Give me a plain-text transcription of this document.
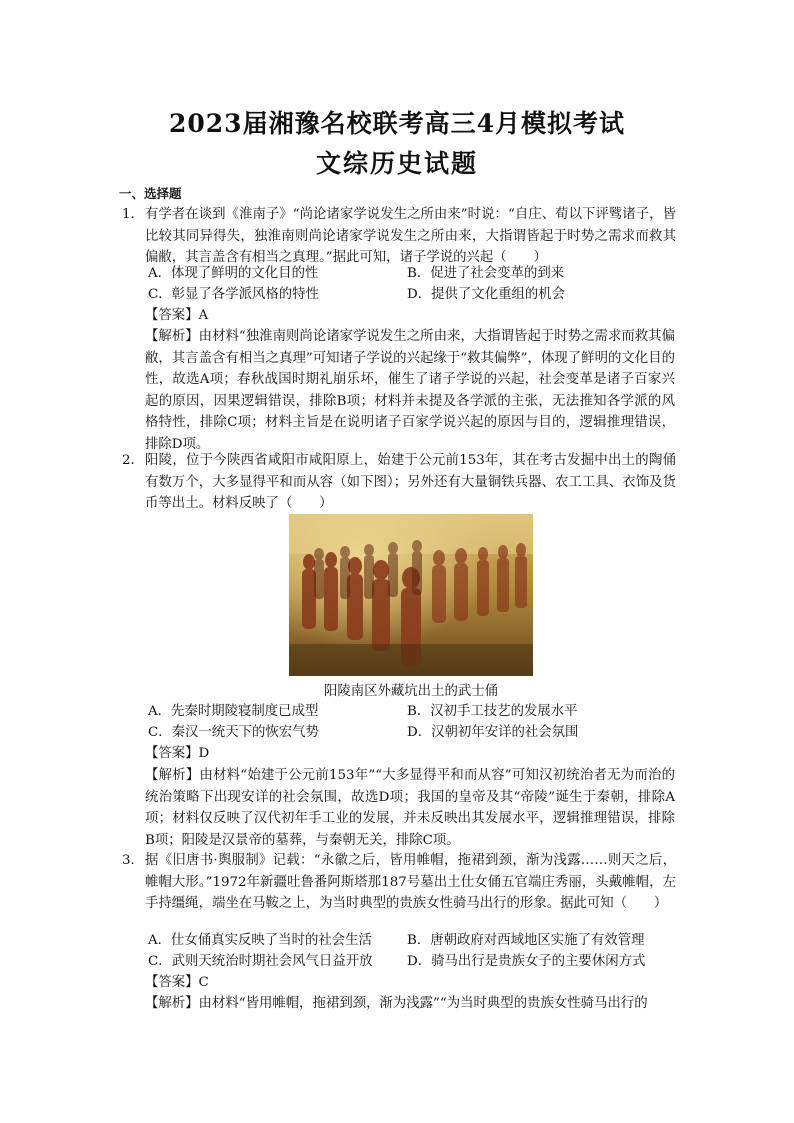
2023届湘豫名校联考高三4月模拟考试
文综历史试题
一、选择题
1． 有学者在谈到《淮南子》“尚论诸家学说发生之所由来”时说：“自庄、荀以下评骘诸子，皆比较其同异得失，独淮南则尚论诸家学说发生之所由来，大指谓皆起于时势之需求而救其偏敝，其言盖含有相当之真理。”据此可知，诸子学说的兴起（　　）
A．体现了鲜明的文化目的性	B．促进了社会变革的到来
C．彰显了各学派风格的特性	D．提供了文化重组的机会
【答案】A
【解析】由材料“独淮南则尚论诸家学说发生之所由来，大指谓皆起于时势之需求而救其偏敝，其言盖含有相当之真理”可知诸子学说的兴起缘于“救其偏弊”，体现了鲜明的文化目的性，故选A项；春秋战国时期礼崩乐坏，催生了诸子学说的兴起，社会变革是诸子百家兴起的原因，因果逻辑错误，排除B项；材料并未提及各学派的主张，无法推知各学派的风格特性，排除C项；材料主旨是在说明诸子百家学说兴起的原因与目的，逻辑推理错误，排除D项。
2． 阳陵，位于今陕西省咸阳市咸阳原上，始建于公元前153年，其在考古发掘中出土的陶俑有数万个，大多显得平和而从容（如下图）；另外还有大量铜铁兵器、农工工具、衣饰及货币等出土。材料反映了（　　）
阳陵南区外藏坑出土的武士俑
A．先秦时期陵寝制度已成型	B．汉初手工技艺的发展水平
C．秦汉一统天下的恢宏气势	D．汉朝初年安详的社会氛围
【答案】D
【解析】由材料“始建于公元前153年”“大多显得平和而从容”可知汉初统治者无为而治的统治策略下出现安详的社会氛围，故选D项；我国的皇帝及其“帝陵”诞生于秦朝，排除A项；材料仅反映了汉代初年手工业的发展，并未反映出其发展水平，逻辑推理错误，排除B项；阳陵是汉景帝的墓葬，与秦朝无关，排除C项。
3． 据《旧唐书·舆服制》记载：“永徽之后，皆用帷帽，拖裙到颈，渐为浅露……则天之后，帷帽大形。”1972年新疆吐鲁番阿斯塔那187号墓出土仕女俑五官端庄秀丽，头戴帷帽，左手持缰绳，端坐在马鞍之上，为当时典型的贵族女性骑马出行的形象。据此可知（　　）
A．仕女俑真实反映了当时的社会生活	B．唐朝政府对西域地区实施了有效管理
C．武则天统治时期社会风气日益开放	D．骑马出行是贵族女子的主要休闲方式
【答案】C
【解析】由材料“皆用帷帽，拖裙到颈，渐为浅露”“为当时典型的贵族女性骑马出行的
